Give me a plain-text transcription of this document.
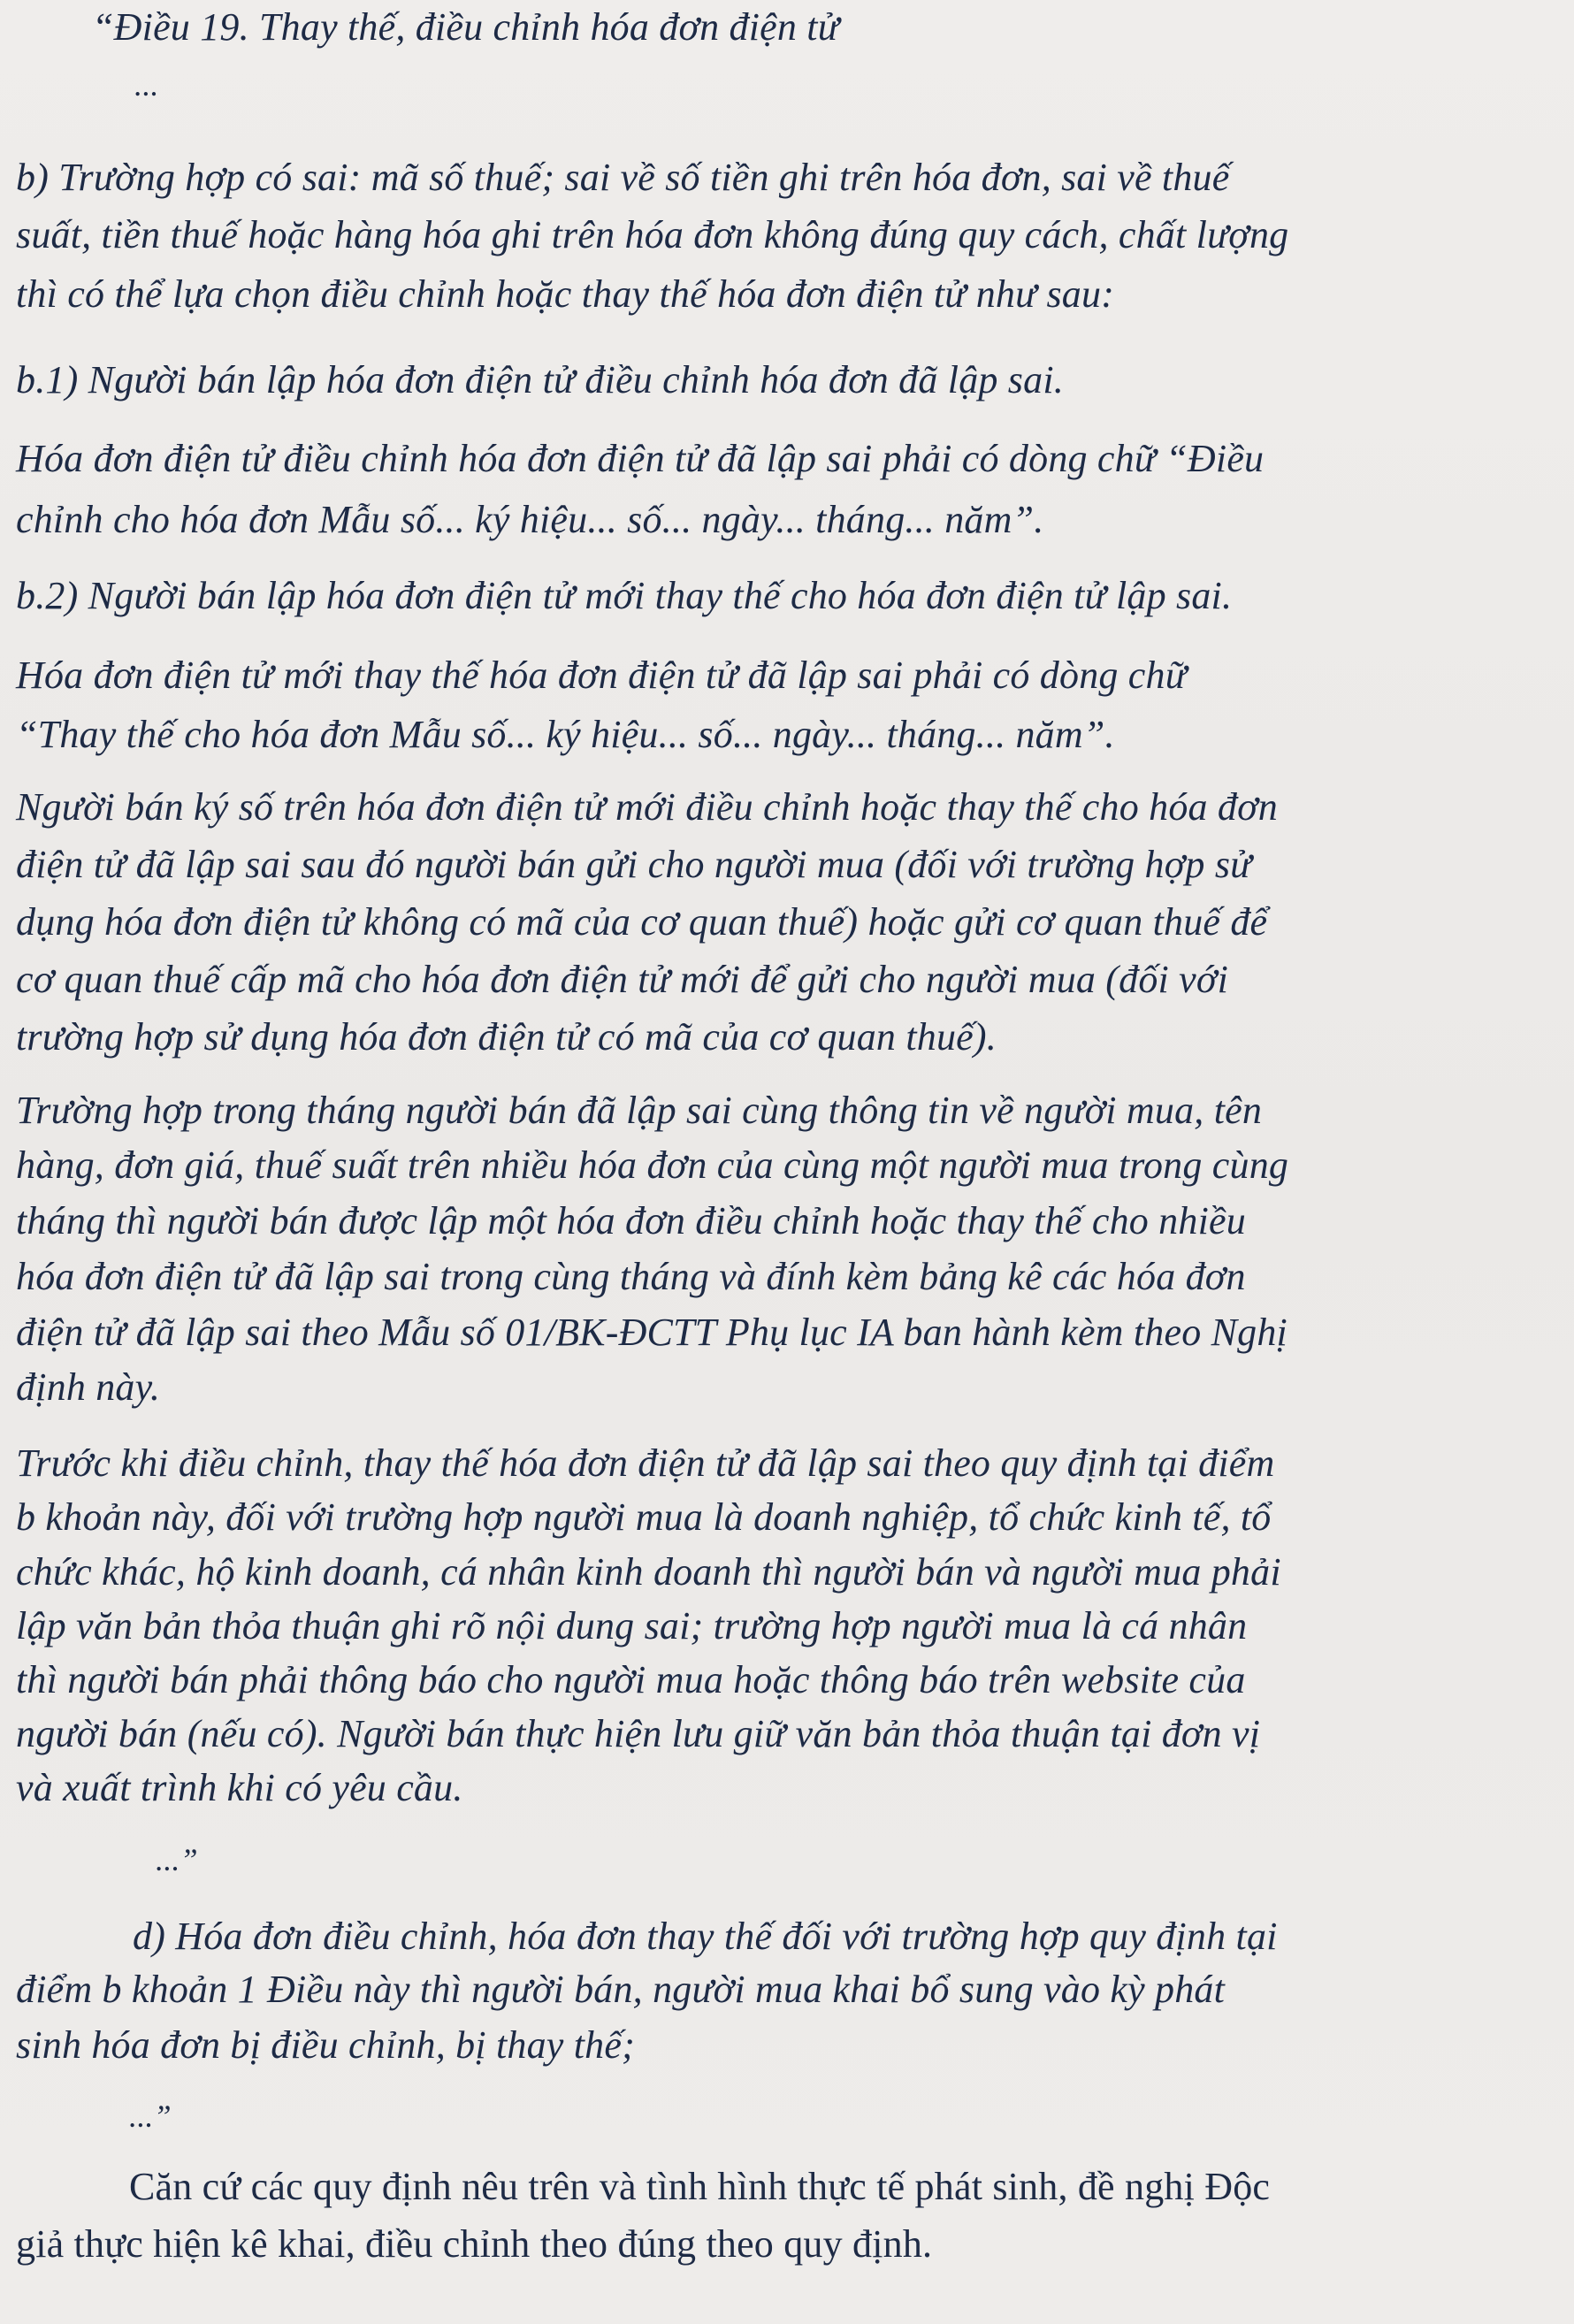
“Điều 19. Thay thế, điều chỉnh hóa đơn điện tử
...
b) Trường hợp có sai: mã số thuế; sai về số tiền ghi trên hóa đơn, sai về thuế
suất, tiền thuế hoặc hàng hóa ghi trên hóa đơn không đúng quy cách, chất lượng
thì có thể lựa chọn điều chỉnh hoặc thay thế hóa đơn điện tử như sau:
b.1) Người bán lập hóa đơn điện tử điều chỉnh hóa đơn đã lập sai.
Hóa đơn điện tử điều chỉnh hóa đơn điện tử đã lập sai phải có dòng chữ “Điều
chỉnh cho hóa đơn Mẫu số... ký hiệu... số... ngày... tháng... năm”.
b.2) Người bán lập hóa đơn điện tử mới thay thế cho hóa đơn điện tử lập sai.
Hóa đơn điện tử mới thay thế hóa đơn điện tử đã lập sai phải có dòng chữ
“Thay thế cho hóa đơn Mẫu số... ký hiệu... số... ngày... tháng... năm”.
Người bán ký số trên hóa đơn điện tử mới điều chỉnh hoặc thay thế cho hóa đơn
điện tử đã lập sai sau đó người bán gửi cho người mua (đối với trường hợp sử
dụng hóa đơn điện tử không có mã của cơ quan thuế) hoặc gửi cơ quan thuế để
cơ quan thuế cấp mã cho hóa đơn điện tử mới để gửi cho người mua (đối với
trường hợp sử dụng hóa đơn điện tử có mã của cơ quan thuế).
Trường hợp trong tháng người bán đã lập sai cùng thông tin về người mua, tên
hàng, đơn giá, thuế suất trên nhiều hóa đơn của cùng một người mua trong cùng
tháng thì người bán được lập một hóa đơn điều chỉnh hoặc thay thế cho nhiều
hóa đơn điện tử đã lập sai trong cùng tháng và đính kèm bảng kê các hóa đơn
điện tử đã lập sai theo Mẫu số 01/BK-ĐCTT Phụ lục IA ban hành kèm theo Nghị
định này.
Trước khi điều chỉnh, thay thế hóa đơn điện tử đã lập sai theo quy định tại điểm
b khoản này, đối với trường hợp người mua là doanh nghiệp, tổ chức kinh tế, tổ
chức khác, hộ kinh doanh, cá nhân kinh doanh thì người bán và người mua phải
lập văn bản thỏa thuận ghi rõ nội dung sai; trường hợp người mua là cá nhân
thì người bán phải thông báo cho người mua hoặc thông báo trên website của
người bán (nếu có). Người bán thực hiện lưu giữ văn bản thỏa thuận tại đơn vị
và xuất trình khi có yêu cầu.
...”
d) Hóa đơn điều chỉnh, hóa đơn thay thế đối với trường hợp quy định tại
điểm b khoản 1 Điều này thì người bán, người mua khai bổ sung vào kỳ phát
sinh hóa đơn bị điều chỉnh, bị thay thế;
...”
Căn cứ các quy định nêu trên và tình hình thực tế phát sinh, đề nghị Độc
giả thực hiện kê khai, điều chỉnh theo đúng theo quy định.
